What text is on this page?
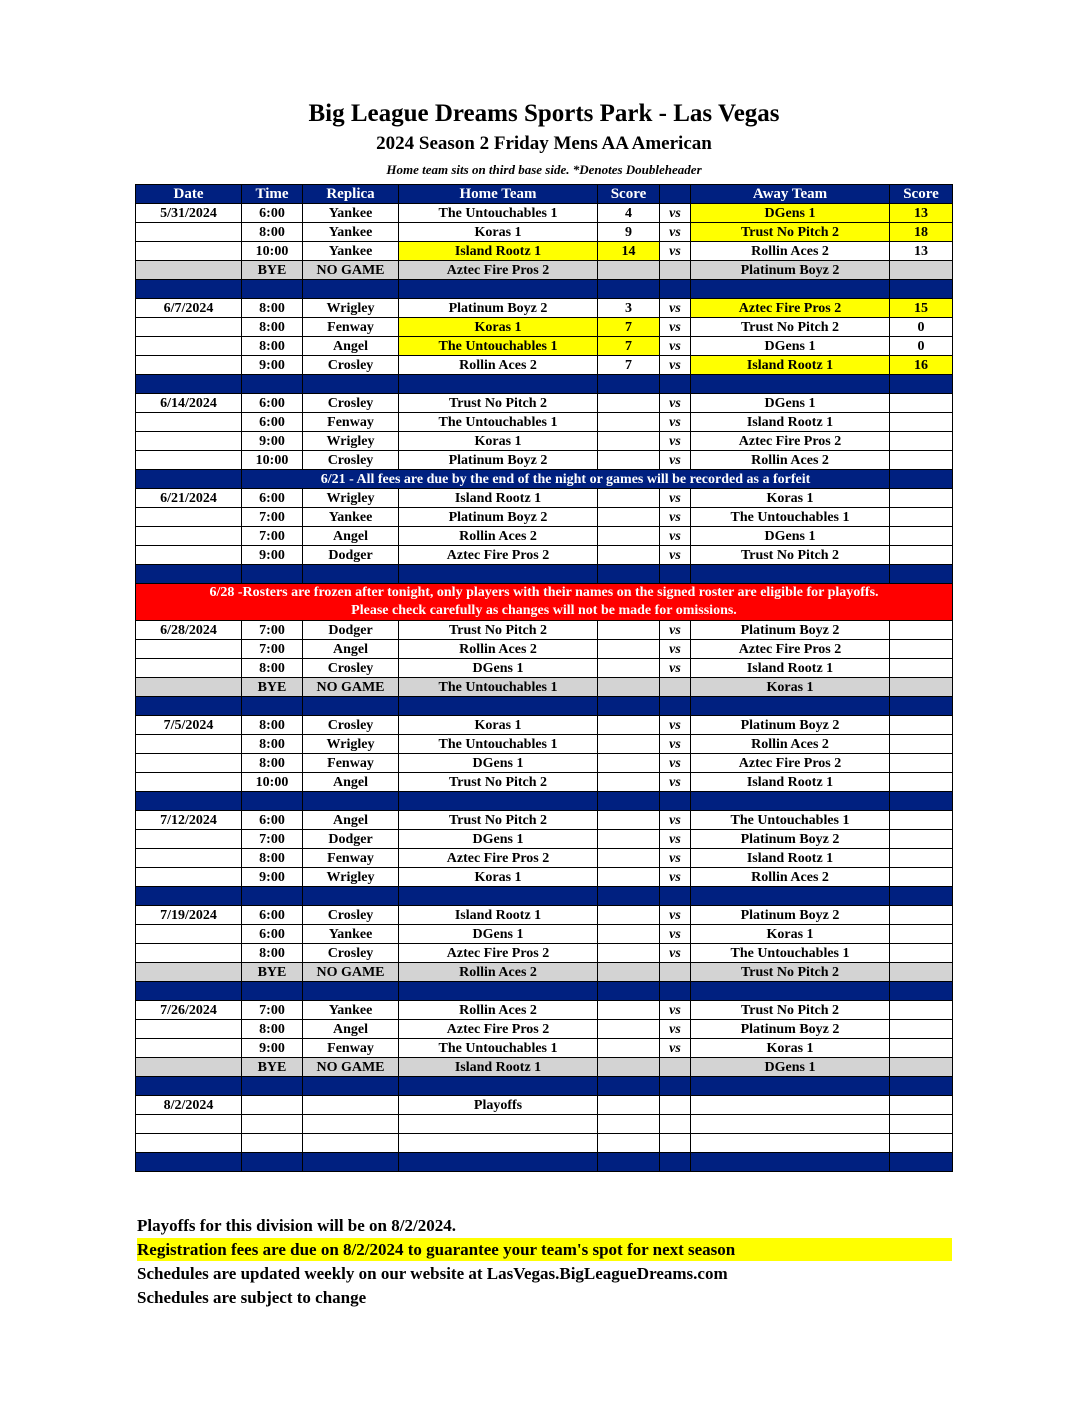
Big League Dreams Sports Park - Las Vegas
2024 Season 2 Friday Mens AA American
Home team sits on third base side. *Denotes Doubleheader
Date	Time	Replica	Home Team	Score		Away Team	Score
5/31/2024	6:00	Yankee	The Untouchables 1	4	vs	DGens 1	13
	8:00	Yankee	Koras 1	9	vs	Trust No Pitch 2	18
	10:00	Yankee	Island Rootz 1	14	vs	Rollin Aces 2	13
	BYE	NO GAME	Aztec Fire Pros 2			Platinum Boyz 2	

6/7/2024	8:00	Wrigley	Platinum Boyz 2	3	vs	Aztec Fire Pros 2	15
	8:00	Fenway	Koras 1	7	vs	Trust No Pitch 2	0
	8:00	Angel	The Untouchables 1	7	vs	DGens 1	0
	9:00	Crosley	Rollin Aces 2	7	vs	Island Rootz 1	16

6/14/2024	6:00	Crosley	Trust No Pitch 2		vs	DGens 1	
	6:00	Fenway	The Untouchables 1		vs	Island Rootz 1	
	9:00	Wrigley	Koras 1		vs	Aztec Fire Pros 2	
	10:00	Crosley	Platinum Boyz 2		vs	Rollin Aces 2	
	6/21 - All fees are due by the end of the night or games will be recorded as a forfeit						
6/21/2024	6:00	Wrigley	Island Rootz 1		vs	Koras 1	
	7:00	Yankee	Platinum Boyz 2		vs	The Untouchables 1	
	7:00	Angel	Rollin Aces 2		vs	DGens 1	
	9:00	Dodger	Aztec Fire Pros 2		vs	Trust No Pitch 2	

6/28 -Rosters are frozen after tonight, only players with their names on the signed roster are eligible for playoffs.
Please check carefully as changes will not be made for omissions.							

6/28/2024	7:00	Dodger	Trust No Pitch 2		vs	Platinum Boyz 2	
	7:00	Angel	Rollin Aces 2		vs	Aztec Fire Pros 2	
	8:00	Crosley	DGens 1		vs	Island Rootz 1	
	BYE	NO GAME	The Untouchables 1			Koras 1	

7/5/2024	8:00	Crosley	Koras 1		vs	Platinum Boyz 2	
	8:00	Wrigley	The Untouchables 1		vs	Rollin Aces 2	
	8:00	Fenway	DGens 1		vs	Aztec Fire Pros 2	
	10:00	Angel	Trust No Pitch 2		vs	Island Rootz 1	

7/12/2024	6:00	Angel	Trust No Pitch 2		vs	The Untouchables 1	
	7:00	Dodger	DGens 1		vs	Platinum Boyz 2	
	8:00	Fenway	Aztec Fire Pros 2		vs	Island Rootz 1	
	9:00	Wrigley	Koras 1		vs	Rollin Aces 2	

7/19/2024	6:00	Crosley	Island Rootz 1		vs	Platinum Boyz 2	
	6:00	Yankee	DGens 1		vs	Koras 1	
	8:00	Crosley	Aztec Fire Pros 2		vs	The Untouchables 1	
	BYE	NO GAME	Rollin Aces 2			Trust No Pitch 2	

7/26/2024	7:00	Yankee	Rollin Aces 2		vs	Trust No Pitch 2	
	8:00	Angel	Aztec Fire Pros 2		vs	Platinum Boyz 2	
	9:00	Fenway	The Untouchables 1		vs	Koras 1	
	BYE	NO GAME	Island Rootz 1			DGens 1	

8/2/2024			Playoffs				

Playoffs for this division will be on 8/2/2024.
Registration fees are due on 8/2/2024 to guarantee your team's spot for next season
Schedules are updated weekly on our website at LasVegas.BigLeagueDreams.com
Schedules are subject to change
